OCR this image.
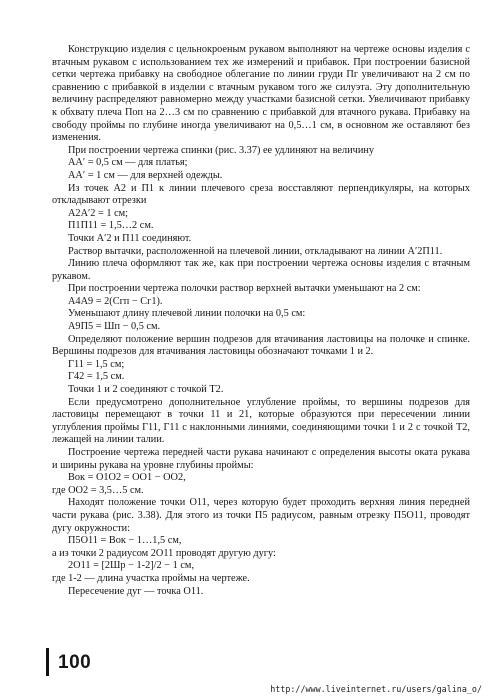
Конструкцию изделия с цельнокроеным рукавом выполняют на чертеже основы изделия с втачным рукавом с использованием тех же измерений и прибавок. При построении базисной сетки чертежа прибавку на свободное облегание по линии груди Пг увеличивают на 2 см по сравнению с прибавкой в изделии с втачным рукавом того же силуэта. Эту дополнительную величину распределяют равномерно между участками базисной сетки. Увеличивают прибавку к обхвату плеча Поп на 2…3 см по сравнению с прибавкой для втачного рукава. Прибавку на свободу проймы по глубине иногда увеличивают на 0,5…1 см, в основном же оставляют без изменения.

При построении чертежа спинки (рис. 3.37) ее удлиняют на величину

АА′ = 0,5 см — для платья;

АА′ = 1 см — для верхней одежды.

Из точек А2 и П1 к линии плечевого среза восставляют перпендикуляры, на которых откладывают отрезки

А2А′2 = 1 см;

П1П11 = 1,5…2 см.

Точки А′2 и П11 соединяют.

Раствор вытачки, расположенной на плечевой линии, откладывают на линии А′2П11.

Линию плеча оформляют так же, как при построении чертежа основы изделия с втачным рукавом.

При построении чертежа полочки раствор верхней вытачки уменьшают на 2 см:

А4А9 = 2(Сгп − Сг1).

Уменьшают длину плечевой линии полочки на 0,5 см:

А9П5 = Шп − 0,5 см.

Определяют положение вершин подрезов для втачивания ластовицы на полочке и спинке. Вершины подрезов для втачивания ластовицы обозначают точками 1 и 2.

Г11 = 1,5 см;

Г42 = 1,5 см.

Точки 1 и 2 соединяют с точкой Т2.

Если предусмотрено дополнительное углубление проймы, то вершины подрезов для ластовицы перемещают в точки 11 и 21, которые образуются при пересечении линии углубления проймы Г11, Г11 с наклонными линиями, соединяющими точки 1 и 2 с точкой Т2, лежащей на линии талии.

Построение чертежа передней части рукава начинают с определения высоты оката рукава и ширины рукава на уровне глубины проймы:

Вок = О1О2 = ОО1 − ОО2,

где ОО2 = 3,5…5 см.

Находят положение точки О11, через которую будет проходить верхняя линия передней части рукава (рис. 3.38). Для этого из точки П5 радиусом, равным отрезку П5О11, проводят дугу окружности:

П5О11 = Вок − 1…1,5 см,

а из точки 2 радиусом 2О11 проводят другую дугу:

2О11 = [2Шр − 1-2]/2 − 1 см,

где 1-2 — длина участка проймы на чертеже.

Пересечение дуг — точка О11.

100
http://www.liveinternet.ru/users/galina_o/
